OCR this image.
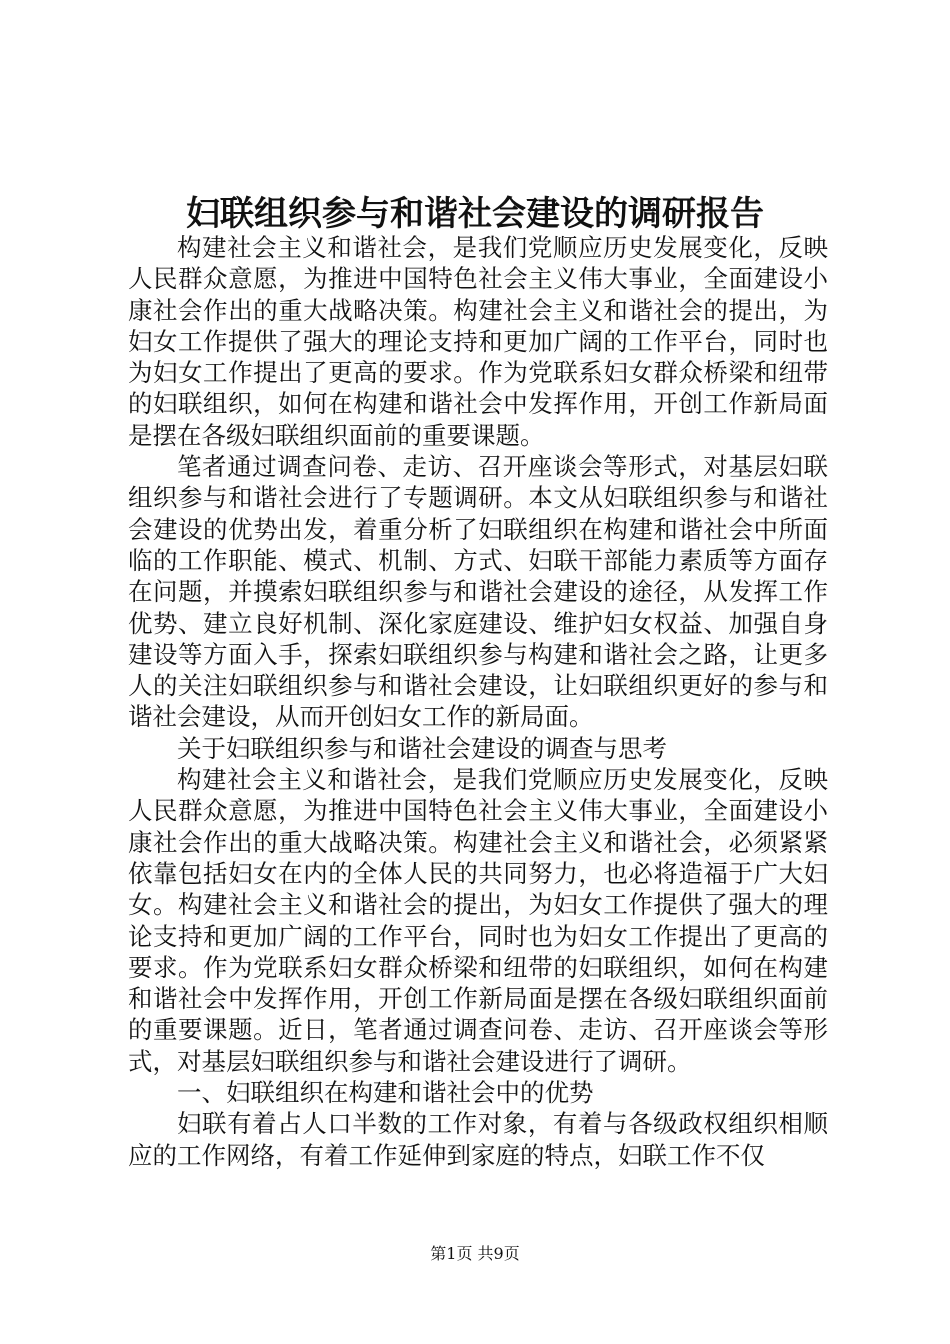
妇联组织参与和谐社会建设的调研报告

构建社会主义和谐社会，是我们党顺应历史发展变化，反映人民群众意愿，为推进中国特色社会主义伟大事业，全面建设小康社会作出的重大战略决策。构建社会主义和谐社会的提出，为妇女工作提供了强大的理论支持和更加广阔的工作平台，同时也为妇女工作提出了更高的要求。作为党联系妇女群众桥梁和纽带的妇联组织，如何在构建和谐社会中发挥作用，开创工作新局面是摆在各级妇联组织面前的重要课题。

笔者通过调查问卷、走访、召开座谈会等形式，对基层妇联组织参与和谐社会进行了专题调研。本文从妇联组织参与和谐社会建设的优势出发，着重分析了妇联组织在构建和谐社会中所面临的工作职能、模式、机制、方式、妇联干部能力素质等方面存在问题，并摸索妇联组织参与和谐社会建设的途径，从发挥工作优势、建立良好机制、深化家庭建设、维护妇女权益、加强自身建设等方面入手，探索妇联组织参与构建和谐社会之路，让更多人的关注妇联组织参与和谐社会建设，让妇联组织更好的参与和谐社会建设，从而开创妇女工作的新局面。

关于妇联组织参与和谐社会建设的调查与思考

构建社会主义和谐社会，是我们党顺应历史发展变化，反映人民群众意愿，为推进中国特色社会主义伟大事业，全面建设小康社会作出的重大战略决策。构建社会主义和谐社会，必须紧紧依靠包括妇女在内的全体人民的共同努力，也必将造福于广大妇女。构建社会主义和谐社会的提出，为妇女工作提供了强大的理论支持和更加广阔的工作平台，同时也为妇女工作提出了更高的要求。作为党联系妇女群众桥梁和纽带的妇联组织，如何在构建和谐社会中发挥作用，开创工作新局面是摆在各级妇联组织面前的重要课题。近日，笔者通过调查问卷、走访、召开座谈会等形式，对基层妇联组织参与和谐社会建设进行了调研。

一、妇联组织在构建和谐社会中的优势

妇联有着占人口半数的工作对象，有着与各级政权组织相顺应的工作网络，有着工作延伸到家庭的特点，妇联工作不仅

第1页 共9页
